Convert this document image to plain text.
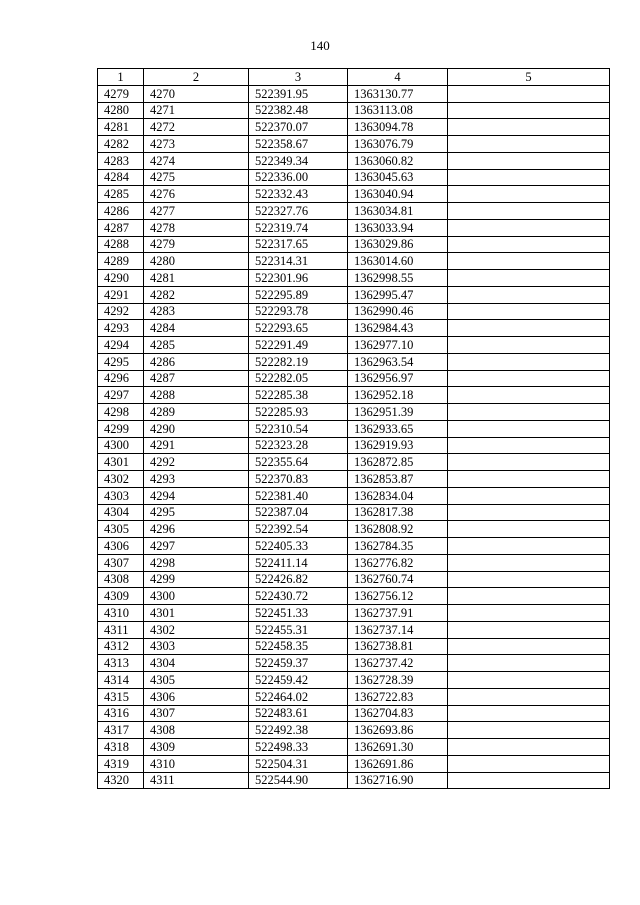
140
1	2	3	4	5
4279	4270	522391.95	1363130.77	
4280	4271	522382.48	1363113.08	
4281	4272	522370.07	1363094.78	
4282	4273	522358.67	1363076.79	
4283	4274	522349.34	1363060.82	
4284	4275	522336.00	1363045.63	
4285	4276	522332.43	1363040.94	
4286	4277	522327.76	1363034.81	
4287	4278	522319.74	1363033.94	
4288	4279	522317.65	1363029.86	
4289	4280	522314.31	1363014.60	
4290	4281	522301.96	1362998.55	
4291	4282	522295.89	1362995.47	
4292	4283	522293.78	1362990.46	
4293	4284	522293.65	1362984.43	
4294	4285	522291.49	1362977.10	
4295	4286	522282.19	1362963.54	
4296	4287	522282.05	1362956.97	
4297	4288	522285.38	1362952.18	
4298	4289	522285.93	1362951.39	
4299	4290	522310.54	1362933.65	
4300	4291	522323.28	1362919.93	
4301	4292	522355.64	1362872.85	
4302	4293	522370.83	1362853.87	
4303	4294	522381.40	1362834.04	
4304	4295	522387.04	1362817.38	
4305	4296	522392.54	1362808.92	
4306	4297	522405.33	1362784.35	
4307	4298	522411.14	1362776.82	
4308	4299	522426.82	1362760.74	
4309	4300	522430.72	1362756.12	
4310	4301	522451.33	1362737.91	
4311	4302	522455.31	1362737.14	
4312	4303	522458.35	1362738.81	
4313	4304	522459.37	1362737.42	
4314	4305	522459.42	1362728.39	
4315	4306	522464.02	1362722.83	
4316	4307	522483.61	1362704.83	
4317	4308	522492.38	1362693.86	
4318	4309	522498.33	1362691.30	
4319	4310	522504.31	1362691.86	
4320	4311	522544.90	1362716.90	
